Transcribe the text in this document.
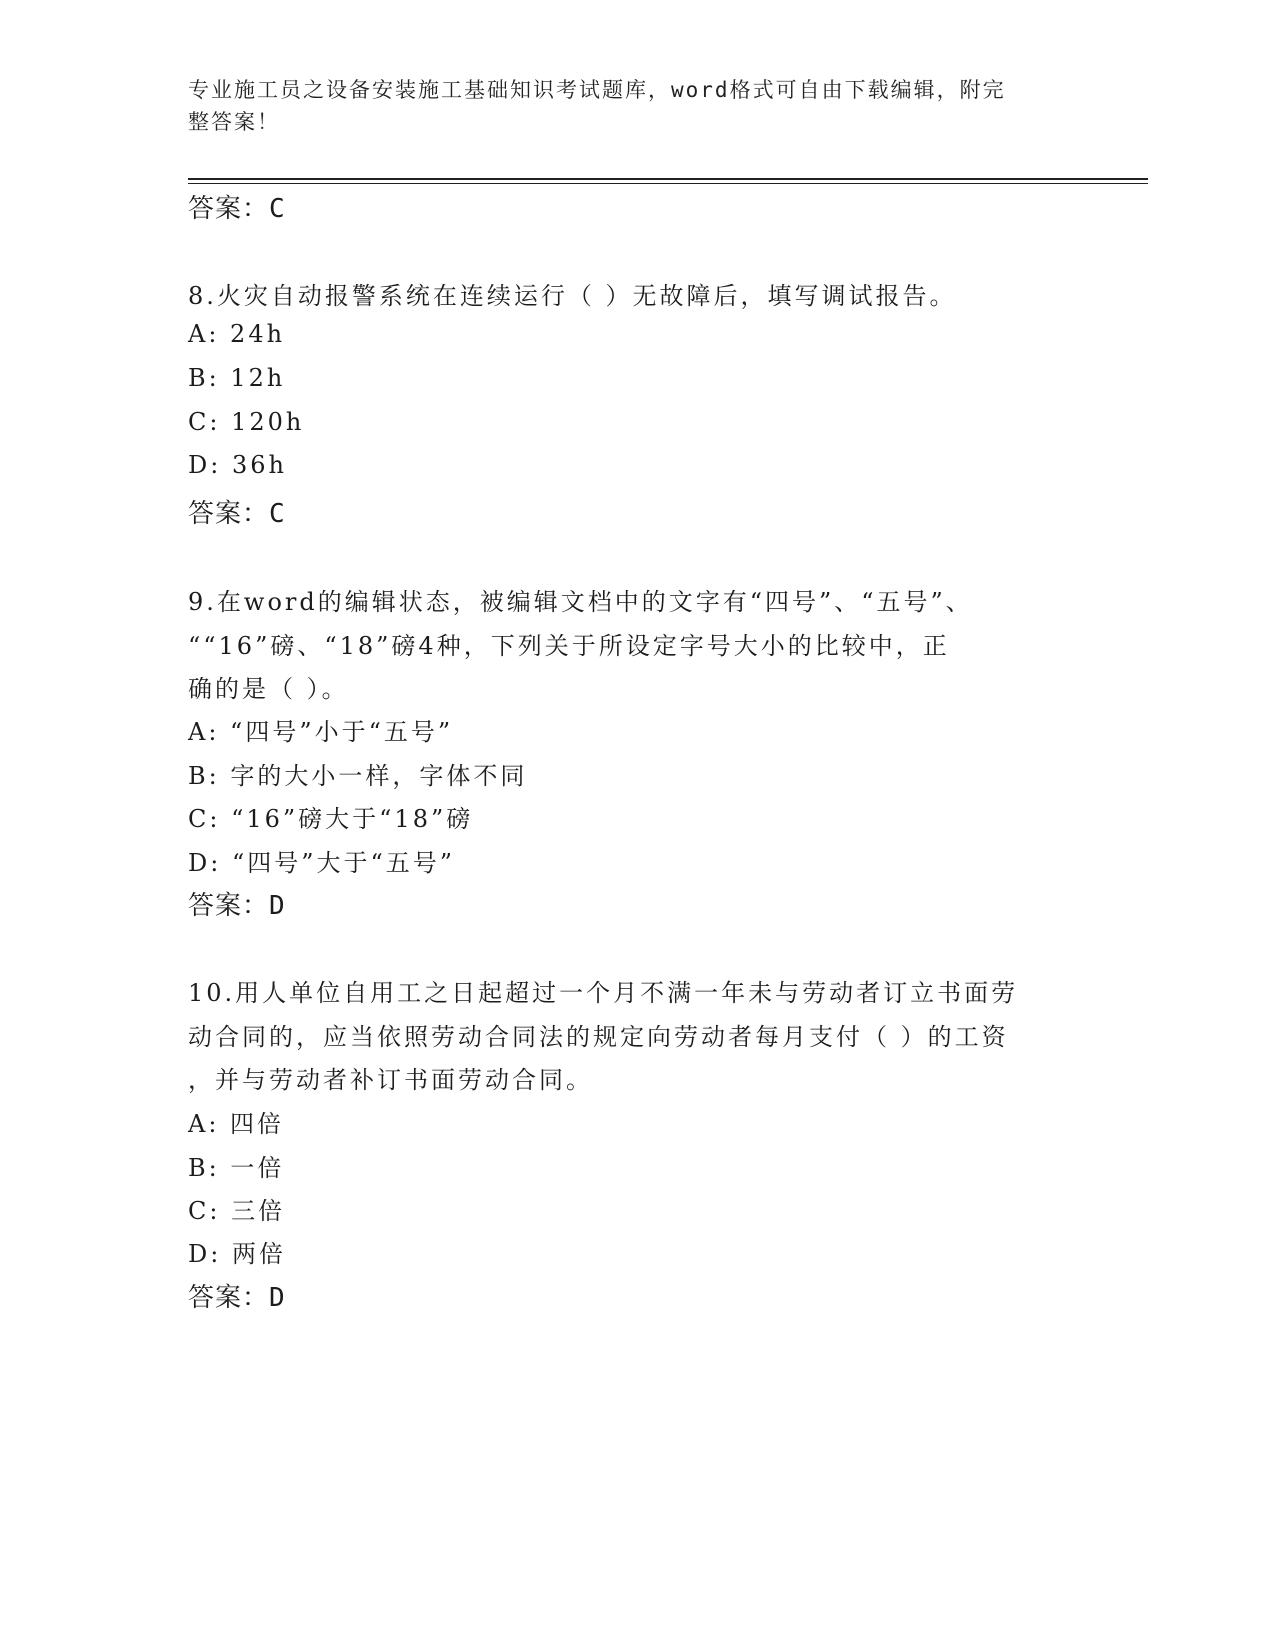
专业施工员之设备安装施工基础知识考试题库，word格式可自由下载编辑，附完
整答案！
答案：C
8.火灾自动报警系统在连续运行（ ）无故障后，填写调试报告。
A: 24h
B: 12h
C: 120h
D: 36h
答案：C
9.在word的编辑状态，被编辑文档中的文字有“四号”、“五号”、
““16”磅、“18”磅4种，下列关于所设定字号大小的比较中，正
确的是（ ）。
A: “四号”小于“五号”
B: 字的大小一样，字体不同
C: “16”磅大于“18”磅
D: “四号”大于“五号”
答案：D
10.用人单位自用工之日起超过一个月不满一年未与劳动者订立书面劳
动合同的，应当依照劳动合同法的规定向劳动者每月支付（ ）的工资
，并与劳动者补订书面劳动合同。
A: 四倍
B: 一倍
C: 三倍
D: 两倍
答案：D
